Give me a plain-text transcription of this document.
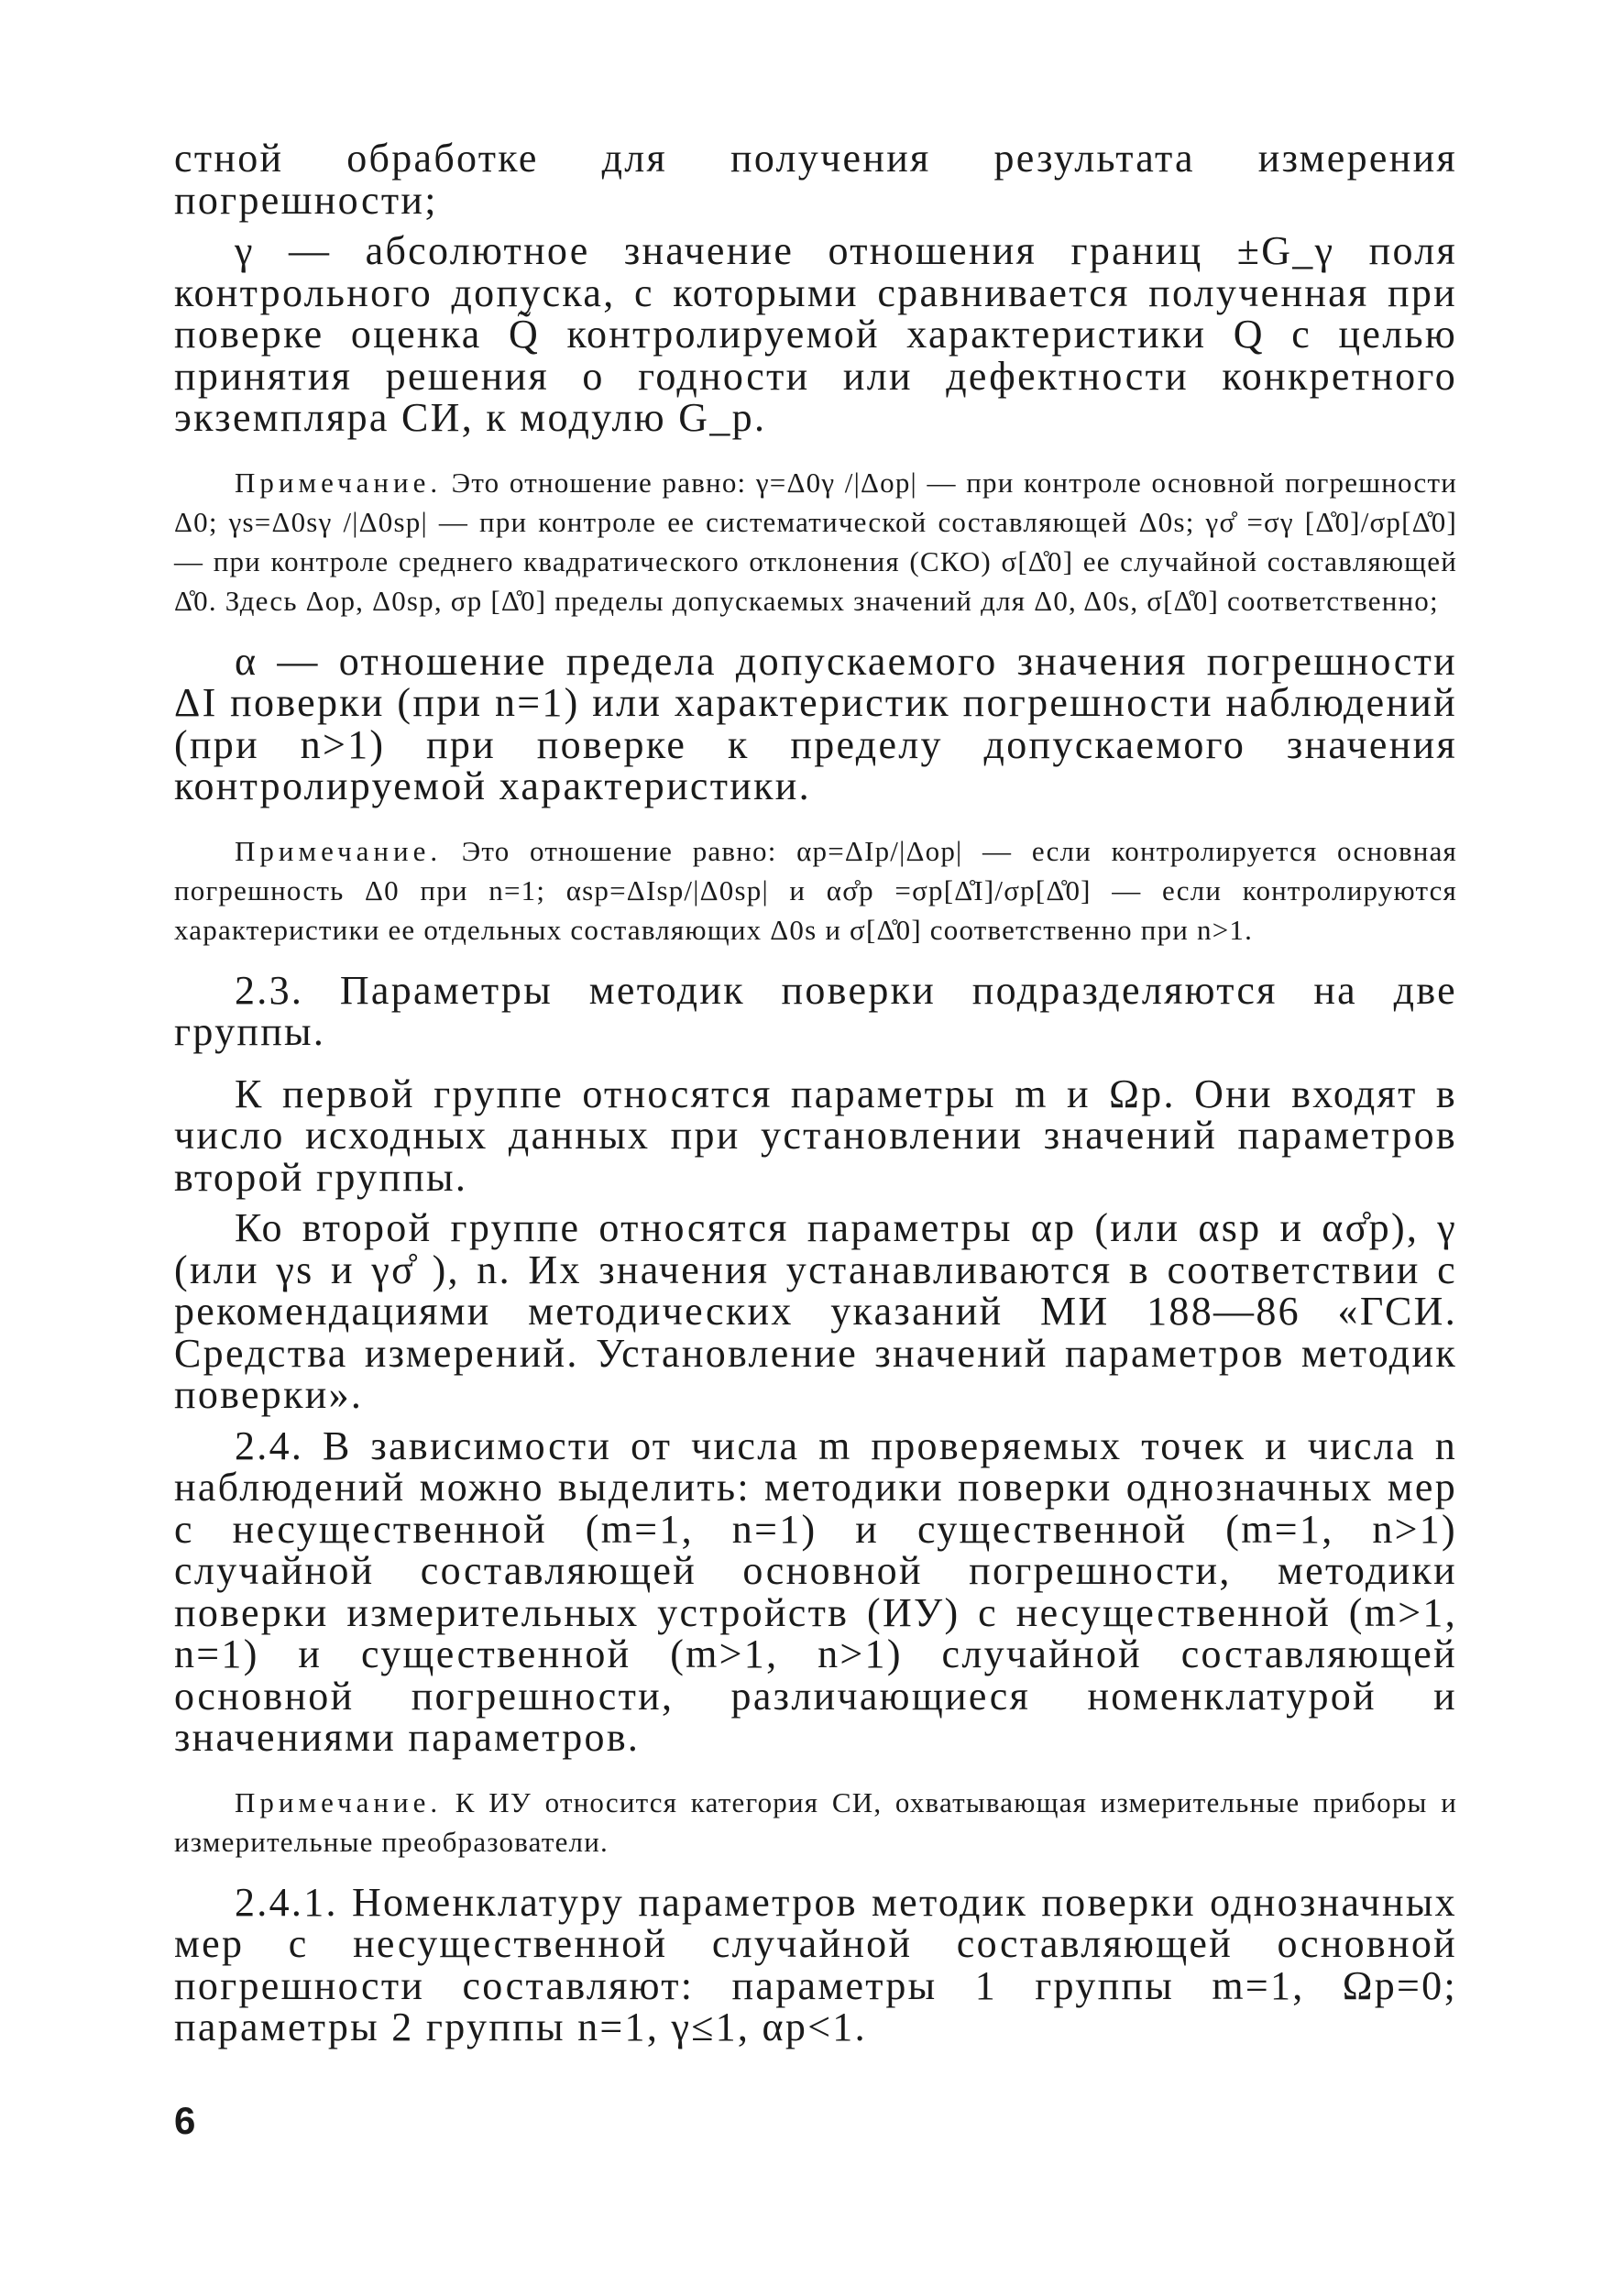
стной обработке для получения результата измерения погрешности;

γ — абсолютное значение отношения границ ±G_γ поля контрольного допуска, с которыми сравнивается полученная при поверке оценка Q̃ контролируемой характеристики Q с целью принятия решения о годности или дефектности конкретного экземпляра СИ, к модулю G_р.

Примечание. Это отношение равно: γ=Δ0γ /|Δор| — при контроле основной погрешности Δ0; γs=Δ0sγ /|Δ0sр| — при контроле ее систематической составляющей Δ0s; γσ̊ =σγ [Δ̊0]/σр[Δ̊0] — при контроле среднего квадратического отклонения (СКО) σ[Δ̊0] ее случайной составляющей Δ̊0. Здесь Δор, Δ0sр, σр [Δ̊0] пределы допускаемых значений для Δ0, Δ0s, σ[Δ̊0] соответственно;

α — отношение предела допускаемого значения погрешности ΔI поверки (при n=1) или характеристик погрешности наблюдений (при n>1) при поверке к пределу допускаемого значения контролируемой характеристики.

Примечание. Это отношение равно: αр=ΔIр/|Δор| — если контролируется основная погрешность Δ0 при n=1; αsр=ΔIsр/|Δ0sр| и ασ̊р =σр[Δ̊I]/σр[Δ̊0] — если контролируются характеристики ее отдельных составляющих Δ0s и σ[Δ̊0] соответственно при n>1.

2.3. Параметры методик поверки подразделяются на две группы.

К первой группе относятся параметры m и Ωр. Они входят в число исходных данных при установлении значений параметров второй группы.

Ко второй группе относятся параметры αр (или αsр и ασ̊р), γ (или γs и γσ̊ ), n. Их значения устанавливаются в соответствии с рекомендациями методических указаний МИ 188—86 «ГСИ. Средства измерений. Установление значений параметров методик поверки».

2.4. В зависимости от числа m проверяемых точек и числа n наблюдений можно выделить: методики поверки однозначных мер с несущественной (m=1, n=1) и существенной (m=1, n>1) случайной составляющей основной погрешности, методики поверки измерительных устройств (ИУ) с несущественной (m>1, n=1) и существенной (m>1, n>1) случайной составляющей основной погрешности, различающиеся номенклатурой и значениями параметров.

Примечание. К ИУ относится категория СИ, охватывающая измерительные приборы и измерительные преобразователи.

2.4.1. Номенклатуру параметров методик поверки однозначных мер с несущественной случайной составляющей основной погрешности составляют: параметры 1 группы m=1, Ωр=0; параметры 2 группы n=1, γ≤1, αр<1.

6
